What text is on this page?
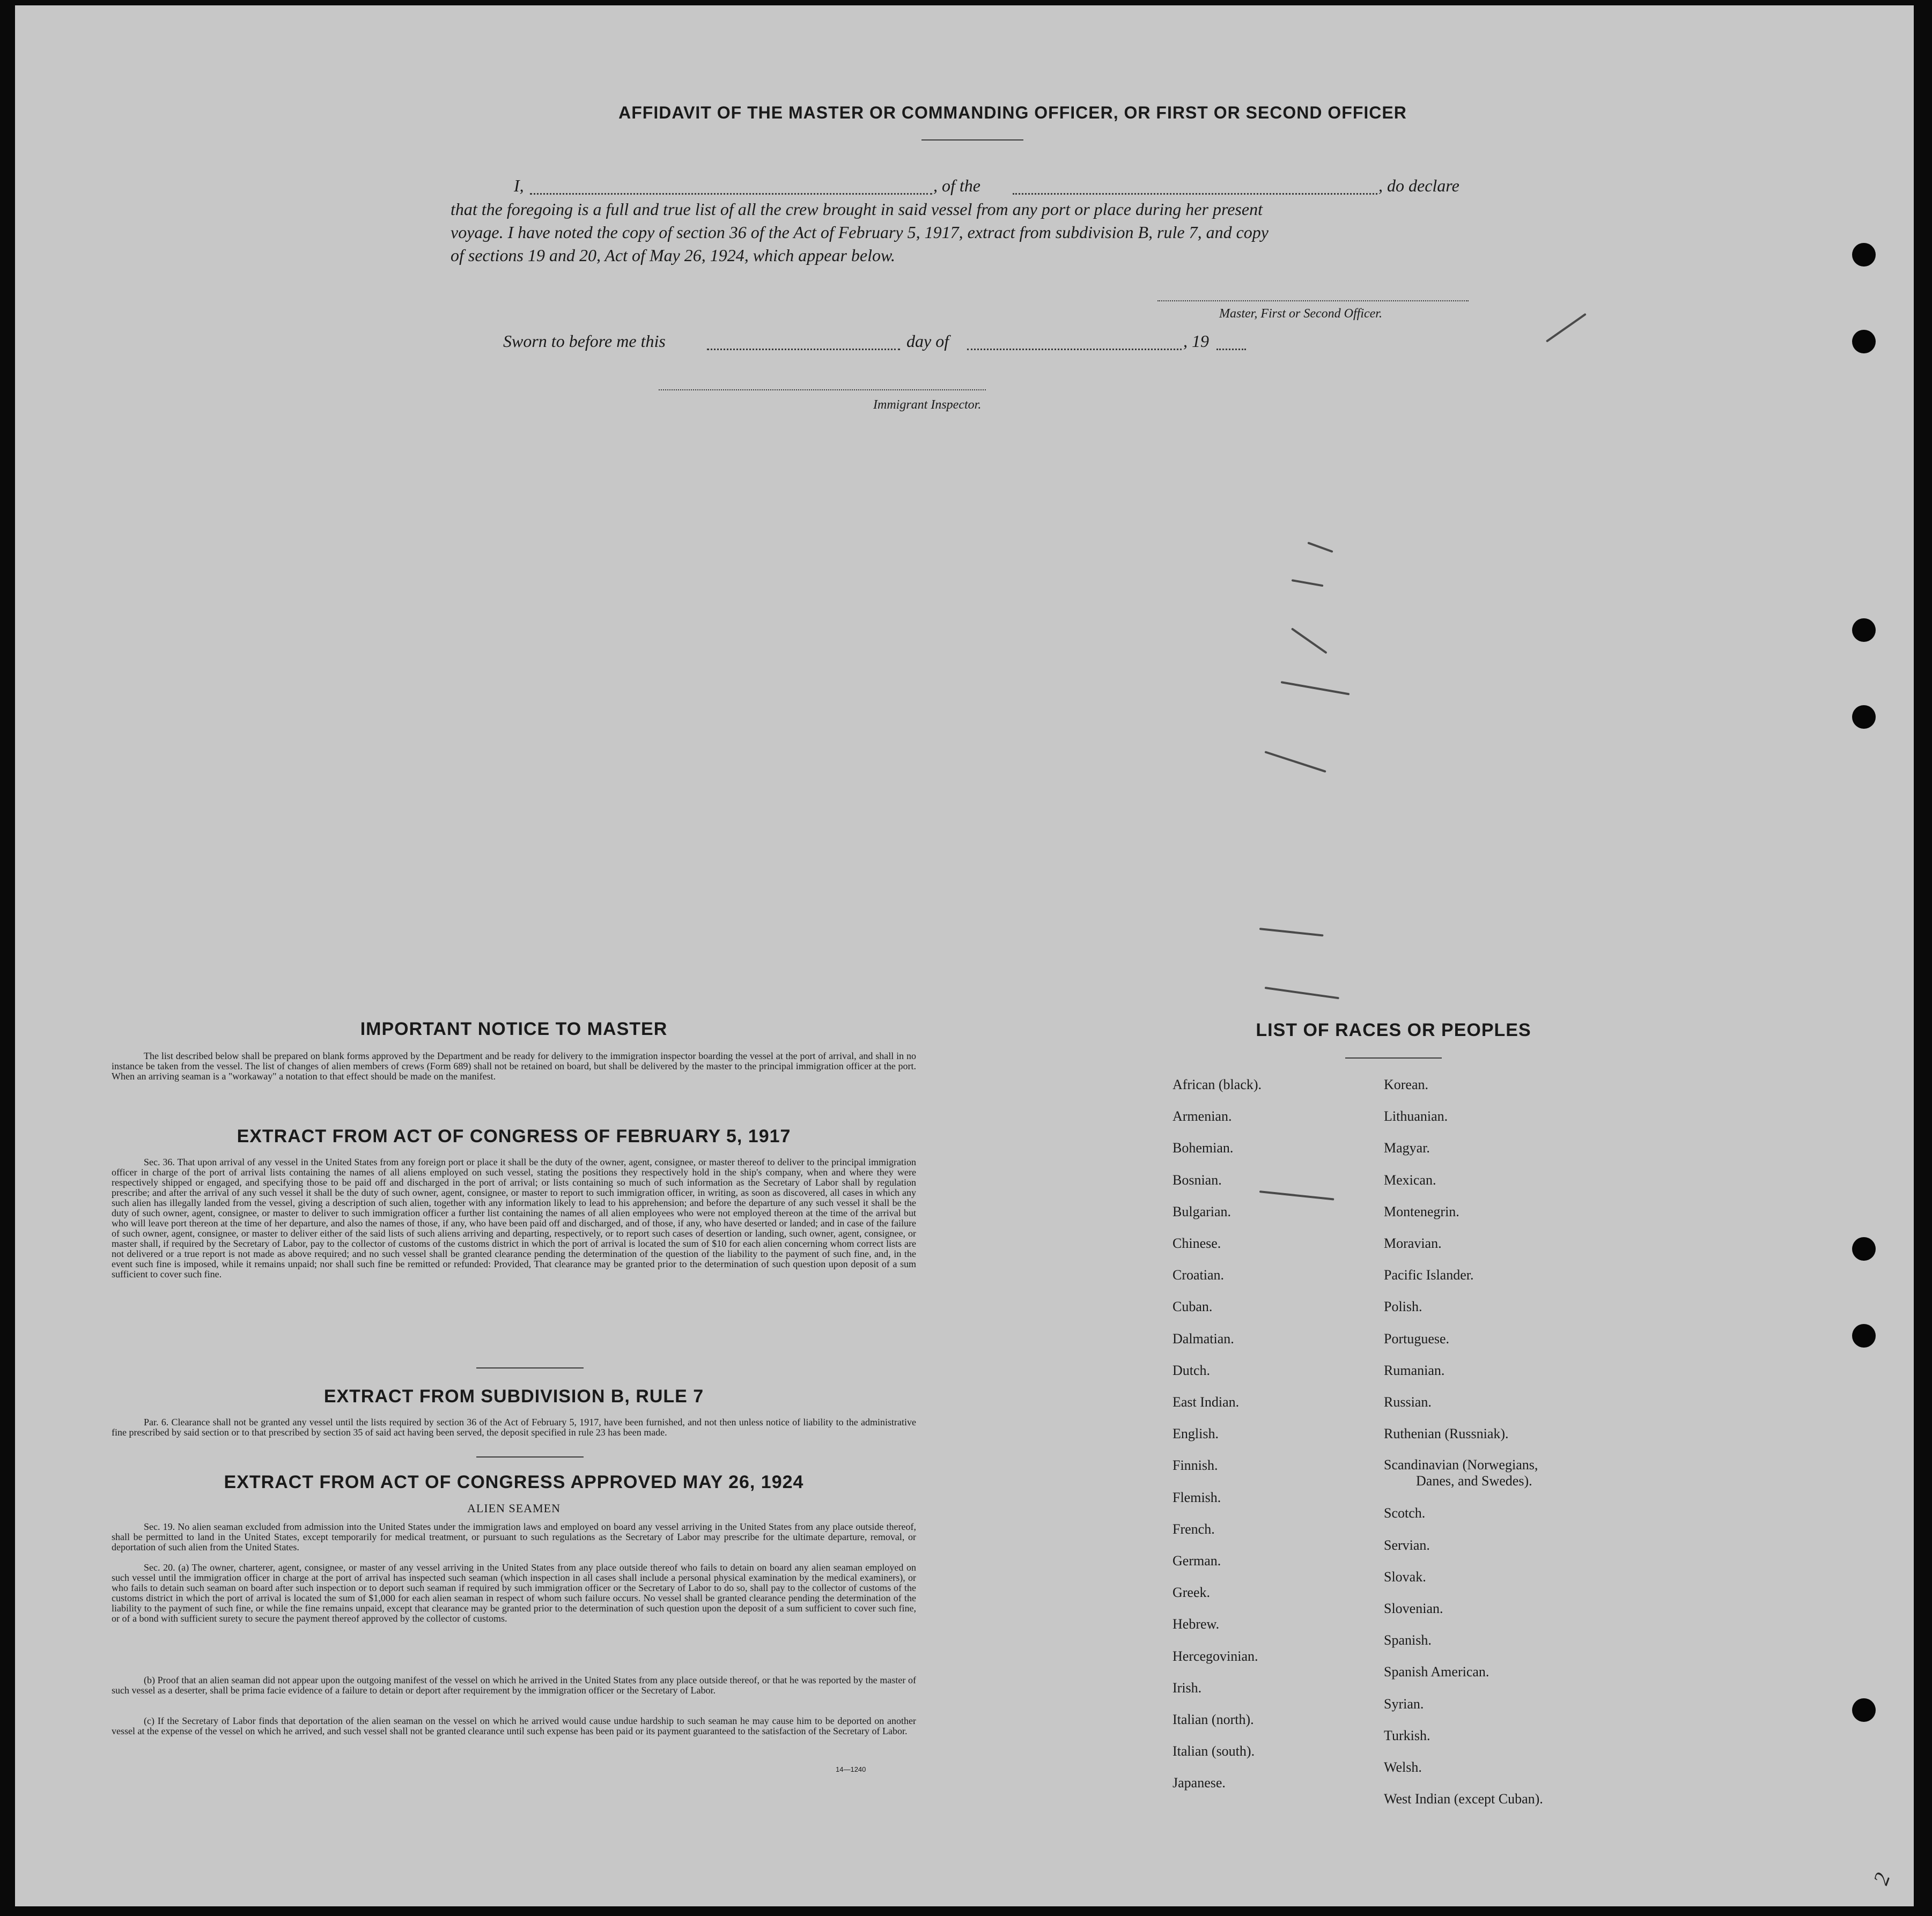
AFFIDAVIT OF THE MASTER OR COMMANDING OFFICER, OR FIRST OR SECOND OFFICER
I,	, of the	, do declare
that the foregoing is a full and true list of all the crew brought in said vessel from any port or place during her present
voyage. I have noted the copy of section 36 of the Act of February 5, 1917, extract from subdivision B, rule 7, and copy
of sections 19 and 20, Act of May 26, 1924, which appear below.
Master, First or Second Officer.
Sworn to before me this	day of	, 19
Immigrant Inspector.
IMPORTANT NOTICE TO MASTER
The list described below shall be prepared on blank forms approved by the Department and be ready for delivery to the immigration inspector boarding the vessel at the port of arrival, and shall in no instance be taken from the vessel. The list of changes of alien members of crews (Form 689) shall not be retained on board, but shall be delivered by the master to the principal immigration officer at the port. When an arriving seaman is a "workaway" a notation to that effect should be made on the manifest.
EXTRACT FROM ACT OF CONGRESS OF FEBRUARY 5, 1917
Sec. 36. That upon arrival of any vessel in the United States from any foreign port or place it shall be the duty of the owner, agent, consignee, or master thereof to deliver to the principal immigration officer in charge of the port of arrival lists containing the names of all aliens employed on such vessel, stating the positions they respectively hold in the ship's company, when and where they were respectively shipped or engaged, and specifying those to be paid off and discharged in the port of arrival; or lists containing so much of such information as the Secretary of Labor shall by regulation prescribe; and after the arrival of any such vessel it shall be the duty of such owner, agent, consignee, or master to report to such immigration officer, in writing, as soon as discovered, all cases in which any such alien has illegally landed from the vessel, giving a description of such alien, together with any information likely to lead to his apprehension; and before the departure of any such vessel it shall be the duty of such owner, agent, consignee, or master to deliver to such immigration officer a further list containing the names of all alien employees who were not employed thereon at the time of the arrival but who will leave port thereon at the time of her departure, and also the names of those, if any, who have been paid off and discharged, and of those, if any, who have deserted or landed; and in case of the failure of such owner, agent, consignee, or master to deliver either of the said lists of such aliens arriving and departing, respectively, or to report such cases of desertion or landing, such owner, agent, consignee, or master shall, if required by the Secretary of Labor, pay to the collector of customs of the customs district in which the port of arrival is located the sum of $10 for each alien concerning whom correct lists are not delivered or a true report is not made as above required; and no such vessel shall be granted clearance pending the determination of the question of the liability to the payment of such fine, and, in the event such fine is imposed, while it remains unpaid; nor shall such fine be remitted or refunded: Provided, That clearance may be granted prior to the determination of such question upon deposit of a sum sufficient to cover such fine.
EXTRACT FROM SUBDIVISION B, RULE 7
Par. 6. Clearance shall not be granted any vessel until the lists required by section 36 of the Act of February 5, 1917, have been furnished, and not then unless notice of liability to the administrative fine prescribed by said section or to that prescribed by section 35 of said act having been served, the deposit specified in rule 23 has been made.
EXTRACT FROM ACT OF CONGRESS APPROVED MAY 26, 1924
ALIEN SEAMEN
Sec. 19. No alien seaman excluded from admission into the United States under the immigration laws and employed on board any vessel arriving in the United States from any place outside thereof, shall be permitted to land in the United States, except temporarily for medical treatment, or pursuant to such regulations as the Secretary of Labor may prescribe for the ultimate departure, removal, or deportation of such alien from the United States.
Sec. 20. (a) The owner, charterer, agent, consignee, or master of any vessel arriving in the United States from any place outside thereof who fails to detain on board any alien seaman employed on such vessel until the immigration officer in charge at the port of arrival has inspected such seaman (which inspection in all cases shall include a personal physical examination by the medical examiners), or who fails to detain such seaman on board after such inspection or to deport such seaman if required by such immigration officer or the Secretary of Labor to do so, shall pay to the collector of customs of the customs district in which the port of arrival is located the sum of $1,000 for each alien seaman in respect of whom such failure occurs. No vessel shall be granted clearance pending the determination of the liability to the payment of such fine, or while the fine remains unpaid, except that clearance may be granted prior to the determination of such question upon the deposit of a sum sufficient to cover such fine, or of a bond with sufficient surety to secure the payment thereof approved by the collector of customs.
(b) Proof that an alien seaman did not appear upon the outgoing manifest of the vessel on which he arrived in the United States from any place outside thereof, or that he was reported by the master of such vessel as a deserter, shall be prima facie evidence of a failure to detain or deport after requirement by the immigration officer or the Secretary of Labor.
(c) If the Secretary of Labor finds that deportation of the alien seaman on the vessel on which he arrived would cause undue hardship to such seaman he may cause him to be deported on another vessel at the expense of the vessel on which he arrived, and such vessel shall not be granted clearance until such expense has been paid or its payment guaranteed to the satisfaction of the Secretary of Labor.
14—1240
LIST OF RACES OR PEOPLES
African (black).
Armenian.
Bohemian.
Bosnian.
Bulgarian.
Chinese.
Croatian.
Cuban.
Dalmatian.
Dutch.
East Indian.
English.
Finnish.
Flemish.
French.
German.
Greek.
Hebrew.
Hercegovinian.
Irish.
Italian (north).
Italian (south).
Japanese.
Korean.
Lithuanian.
Magyar.
Mexican.
Montenegrin.
Moravian.
Pacific Islander.
Polish.
Portuguese.
Rumanian.
Russian.
Ruthenian (Russniak).
Scandinavian (Norwegians,
Danes, and Swedes).
Scotch.
Servian.
Slovak.
Slovenian.
Spanish.
Spanish American.
Syrian.
Turkish.
Welsh.
West Indian (except Cuban).
2
